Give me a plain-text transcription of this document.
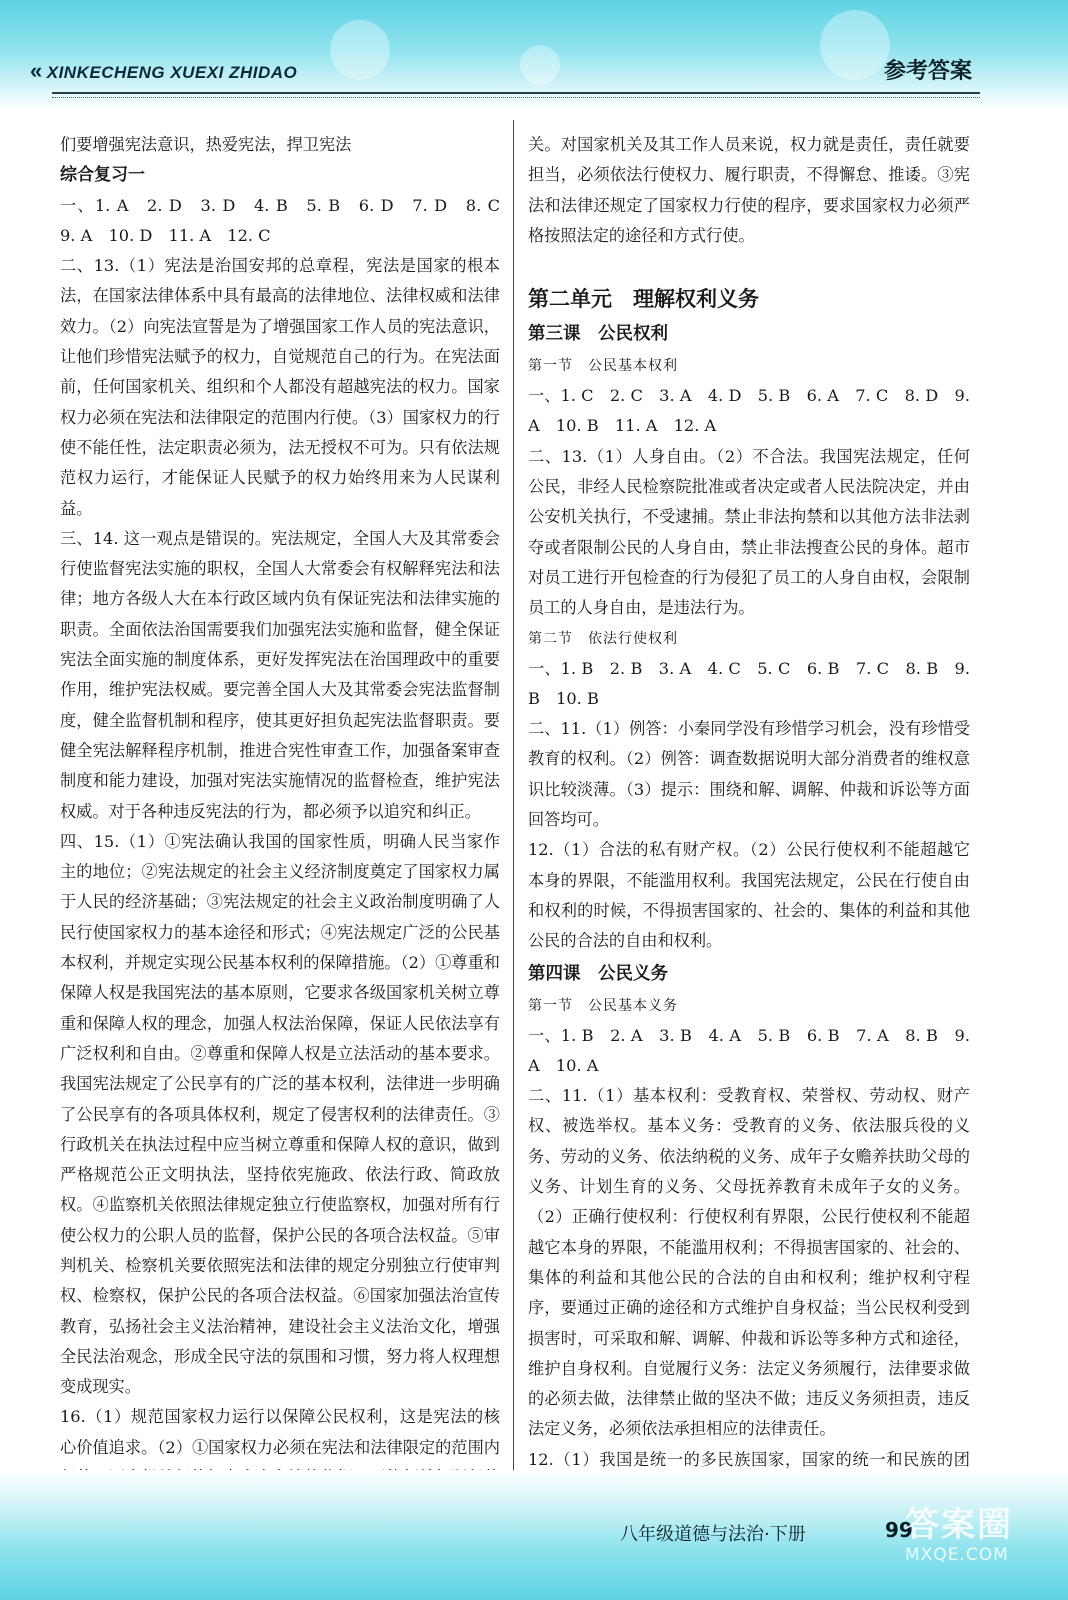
« XINKECHENG XUEXI ZHIDAO	参考答案

们要增强宪法意识，热爱宪法，捍卫宪法

综合复习一

一、1. A　2. D　3. D　4. B　5. B　6. D　7. D　8. C　9. A　10. D　11. A　12. C

二、13.（1）宪法是治国安邦的总章程，宪法是国家的根本法，在国家法律体系中具有最高的法律地位、法律权威和法律效力。（2）向宪法宣誓是为了增强国家工作人员的宪法意识，让他们珍惜宪法赋予的权力，自觉规范自己的行为。在宪法面前，任何国家机关、组织和个人都没有超越宪法的权力。国家权力必须在宪法和法律限定的范围内行使。（3）国家权力的行使不能任性，法定职责必须为，法无授权不可为。只有依法规范权力运行，才能保证人民赋予的权力始终用来为人民谋利益。

三、14. 这一观点是错误的。宪法规定，全国人大及其常委会行使监督宪法实施的职权，全国人大常委会有权解释宪法和法律；地方各级人大在本行政区域内负有保证宪法和法律实施的职责。全面依法治国需要我们加强宪法实施和监督，健全保证宪法全面实施的制度体系，更好发挥宪法在治国理政中的重要作用，维护宪法权威。要完善全国人大及其常委会宪法监督制度，健全监督机制和程序，使其更好担负起宪法监督职责。要健全宪法解释程序机制，推进合宪性审查工作，加强备案审查制度和能力建设，加强对宪法实施情况的监督检查，维护宪法权威。对于各种违反宪法的行为，都必须予以追究和纠正。

四、15.（1）①宪法确认我国的国家性质，明确人民当家作主的地位；②宪法规定的社会主义经济制度奠定了国家权力属于人民的经济基础；③宪法规定的社会主义政治制度明确了人民行使国家权力的基本途径和形式；④宪法规定广泛的公民基本权利，并规定实现公民基本权利的保障措施。（2）①尊重和保障人权是我国宪法的基本原则，它要求各级国家机关树立尊重和保障人权的理念，加强人权法治保障，保证人民依法享有广泛权利和自由。②尊重和保障人权是立法活动的基本要求。我国宪法规定了公民享有的广泛的基本权利，法律进一步明确了公民享有的各项具体权利，规定了侵害权利的法律责任。③行政机关在执法过程中应当树立尊重和保障人权的意识，做到严格规范公正文明执法，坚持依宪施政、依法行政、简政放权。④监察机关依照法律规定独立行使监察权，加强对所有行使公权力的公职人员的监督，保护公民的各项合法权益。⑤审判机关、检察机关要依照宪法和法律的规定分别独立行使审判权、检察权，保护公民的各项合法权益。⑥国家加强法治宣传教育，弘扬社会主义法治精神，建设社会主义法治文化，增强全民法治观念，形成全民守法的氛围和习惯，努力将人权理想变成现实。

16.（1）规范国家权力运行以保障公民权利，这是宪法的核心价值追求。（2）①国家权力必须在宪法和法律限定的范围内

关。对国家机关及其工作人员来说，权力就是责任，责任就要担当，必须依法行使权力、履行职责，不得懈怠、推诿。③宪法和法律还规定了国家权力行使的程序，要求国家权力必须严格按照法定的途径和方式行使。

第二单元　理解权利义务

第三课　公民权利

第一节　公民基本权利

一、1. C　2. C　3. A　4. D　5. B　6. A　7. C　8. D　9. A　10. B　11. A　12. A

二、13.（1）人身自由。（2）不合法。我国宪法规定，任何公民，非经人民检察院批准或者决定或者人民法院决定，并由公安机关执行，不受逮捕。禁止非法拘禁和以其他方法非法剥夺或者限制公民的人身自由，禁止非法搜查公民的身体。超市对员工进行开包检查的行为侵犯了员工的人身自由权，会限制员工的人身自由，是违法行为。

第二节　依法行使权利

一、1. B　2. B　3. A　4. C　5. C　6. B　7. C　8. B　9. B　10. B

二、11.（1）例答：小秦同学没有珍惜学习机会，没有珍惜受教育的权利。（2）例答：调查数据说明大部分消费者的维权意识比较淡薄。（3）提示：围绕和解、调解、仲裁和诉讼等方面回答均可。

12.（1）合法的私有财产权。（2）公民行使权利不能超越它本身的界限，不能滥用权利。我国宪法规定，公民在行使自由和权利的时候，不得损害国家的、社会的、集体的利益和其他公民的合法的自由和权利。

第四课　公民义务

第一节　公民基本义务

一、1. B　2. A　3. B　4. A　5. B　6. B　7. A　8. B　9. A　10. A

二、11.（1）基本权利：受教育权、荣誉权、劳动权、财产权、被选举权。基本义务：受教育的义务、依法服兵役的义务、劳动的义务、依法纳税的义务、成年子女赡养扶助父母的义务、计划生育的义务、父母抚养教育未成年子女的义务。（2）正确行使权利：行使权利有界限，公民行使权利不能超越它本身的界限，不能滥用权利；不得损害国家的、社会的、集体的利益和其他公民的合法的自由和权利；维护权利守程序，要通过正确的途径和方式维护自身权益；当公民权利受到损害时，可采取和解、调解、仲裁和诉讼等多种方式和途径，维护自身权利。自觉履行义务：法定义务须履行，法律要求做的必须去做，法律禁止做的坚决不做；违反义务须担责，违反法定义务，必须依法承担相应的法律责任。

12.（1）我国是统一的多民族国家，国家的统一和民族的团

八年级道德与法治·下册	99
答案圈
MXQE.COM
